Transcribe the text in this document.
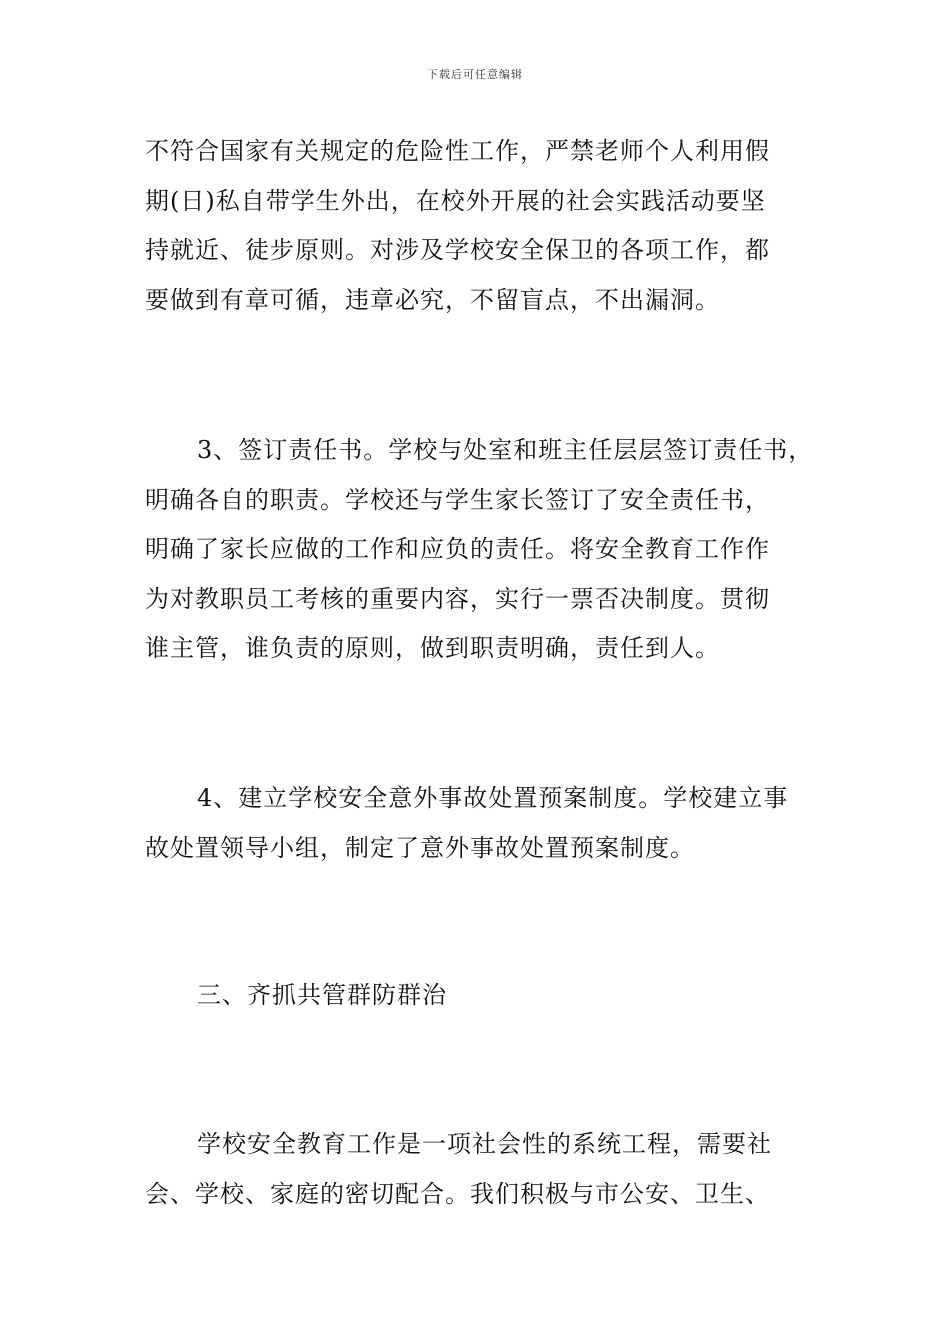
下载后可任意编辑
不符合国家有关规定的危险性工作，严禁老师个人利用假
期(日)私自带学生外出，在校外开展的社会实践活动要坚
持就近、徒步原则。对涉及学校安全保卫的各项工作，都
要做到有章可循，违章必究，不留盲点，不出漏洞。
3、签订责任书。学校与处室和班主任层层签订责任书，
明确各自的职责。学校还与学生家长签订了安全责任书，
明确了家长应做的工作和应负的责任。将安全教育工作作
为对教职员工考核的重要内容，实行一票否决制度。贯彻
谁主管，谁负责的原则，做到职责明确，责任到人。
4、建立学校安全意外事故处置预案制度。学校建立事
故处置领导小组，制定了意外事故处置预案制度。
三、齐抓共管群防群治
学校安全教育工作是一项社会性的系统工程，需要社
会、学校、家庭的密切配合。我们积极与市公安、卫生、
